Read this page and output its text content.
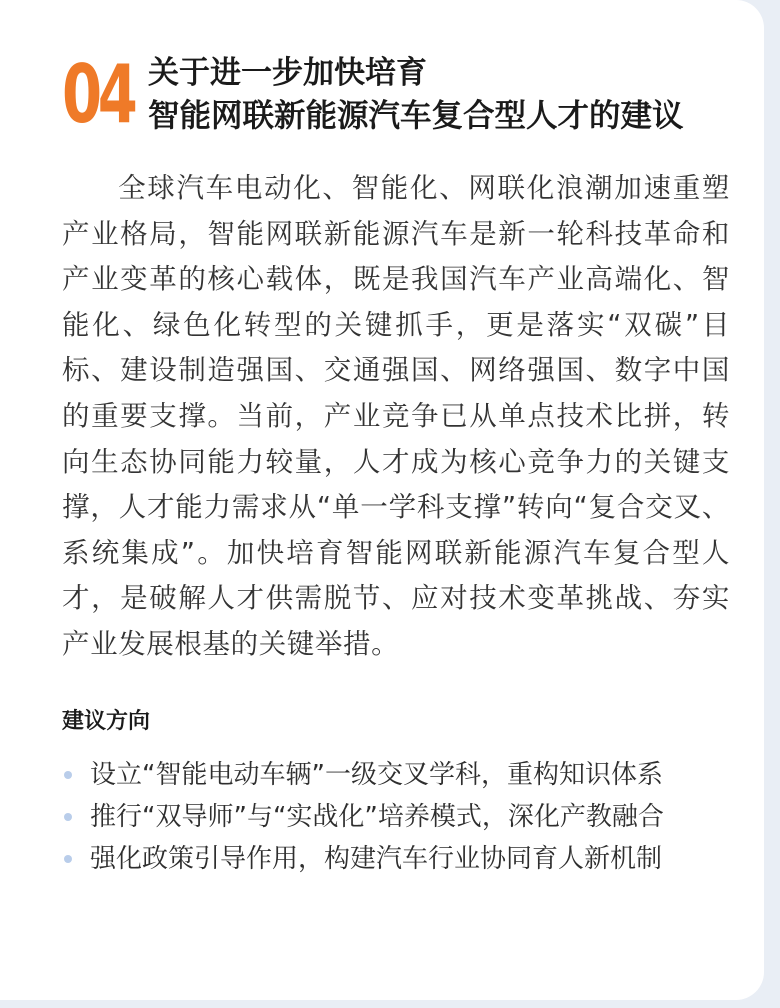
04 关于进一步加快培育
智能网联新能源汽车复合型人才的建议

全球汽车电动化、智能化、网联化浪潮加速重塑产业格局，智能网联新能源汽车是新一轮科技革命和产业变革的核心载体，既是我国汽车产业高端化、智能化、绿色化转型的关键抓手，更是落实“双碳”目标、建设制造强国、交通强国、网络强国、数字中国的重要支撑。当前，产业竞争已从单点技术比拼，转向生态协同能力较量，人才成为核心竞争力的关键支撑，人才能力需求从“单一学科支撑”转向“复合交叉、系统集成”。加快培育智能网联新能源汽车复合型人才，是破解人才供需脱节、应对技术变革挑战、夯实产业发展根基的关键举措。

建议方向
设立“智能电动车辆”一级交叉学科，重构知识体系
推行“双导师”与“实战化”培养模式，深化产教融合
强化政策引导作用，构建汽车行业协同育人新机制
